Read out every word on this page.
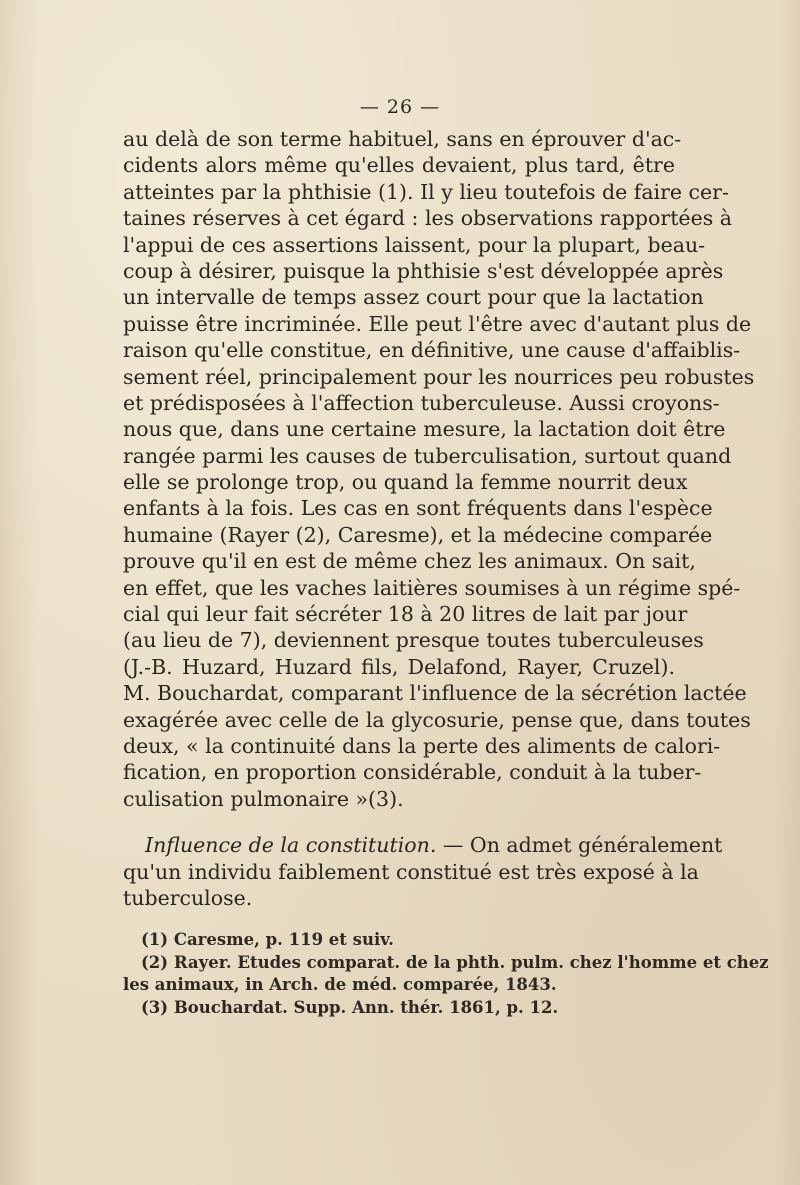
— 26 —
au delà de son terme habituel, sans en éprouver d'ac-
cidents alors même qu'elles devaient, plus tard, être
atteintes par la phthisie (1). Il y lieu toutefois de faire cer-
taines réserves à cet égard : les observations rapportées à
l'appui de ces assertions laissent, pour la plupart, beau-
coup à désirer, puisque la phthisie s'est développée après
un intervalle de temps assez court pour que la lactation
puisse être incriminée. Elle peut l'être avec d'autant plus de
raison qu'elle constitue, en définitive, une cause d'affaiblis-
sement réel, principalement pour les nourrices peu robustes
et prédisposées à l'affection tuberculeuse. Aussi croyons-
nous que, dans une certaine mesure, la lactation doit être
rangée parmi les causes de tuberculisation, surtout quand
elle se prolonge trop, ou quand la femme nourrit deux
enfants à la fois. Les cas en sont fréquents dans l'espèce
humaine (Rayer (2), Caresme), et la médecine comparée
prouve qu'il en est de même chez les animaux. On sait,
en effet, que les vaches laitières soumises à un régime spé-
cial qui leur fait sécréter 18 à 20 litres de lait par jour
(au lieu de 7), deviennent presque toutes tuberculeuses
(J.-B. Huzard, Huzard fils, Delafond, Rayer, Cruzel).
M. Bouchardat, comparant l'influence de la sécrétion lactée
exagérée avec celle de la glycosurie, pense que, dans toutes
deux, « la continuité dans la perte des aliments de calori-
fication, en proportion considérable, conduit à la tuber-
culisation pulmonaire »(3).
Influence de la constitution. — On admet généralement
qu'un individu faiblement constitué est très exposé à la
tuberculose.
(1) Caresme, p. 119 et suiv.
(2) Rayer. Etudes comparat. de la phth. pulm. chez l'homme et chez
les animaux, in Arch. de méd. comparée, 1843.
(3) Bouchardat. Supp. Ann. thér. 1861, p. 12.
